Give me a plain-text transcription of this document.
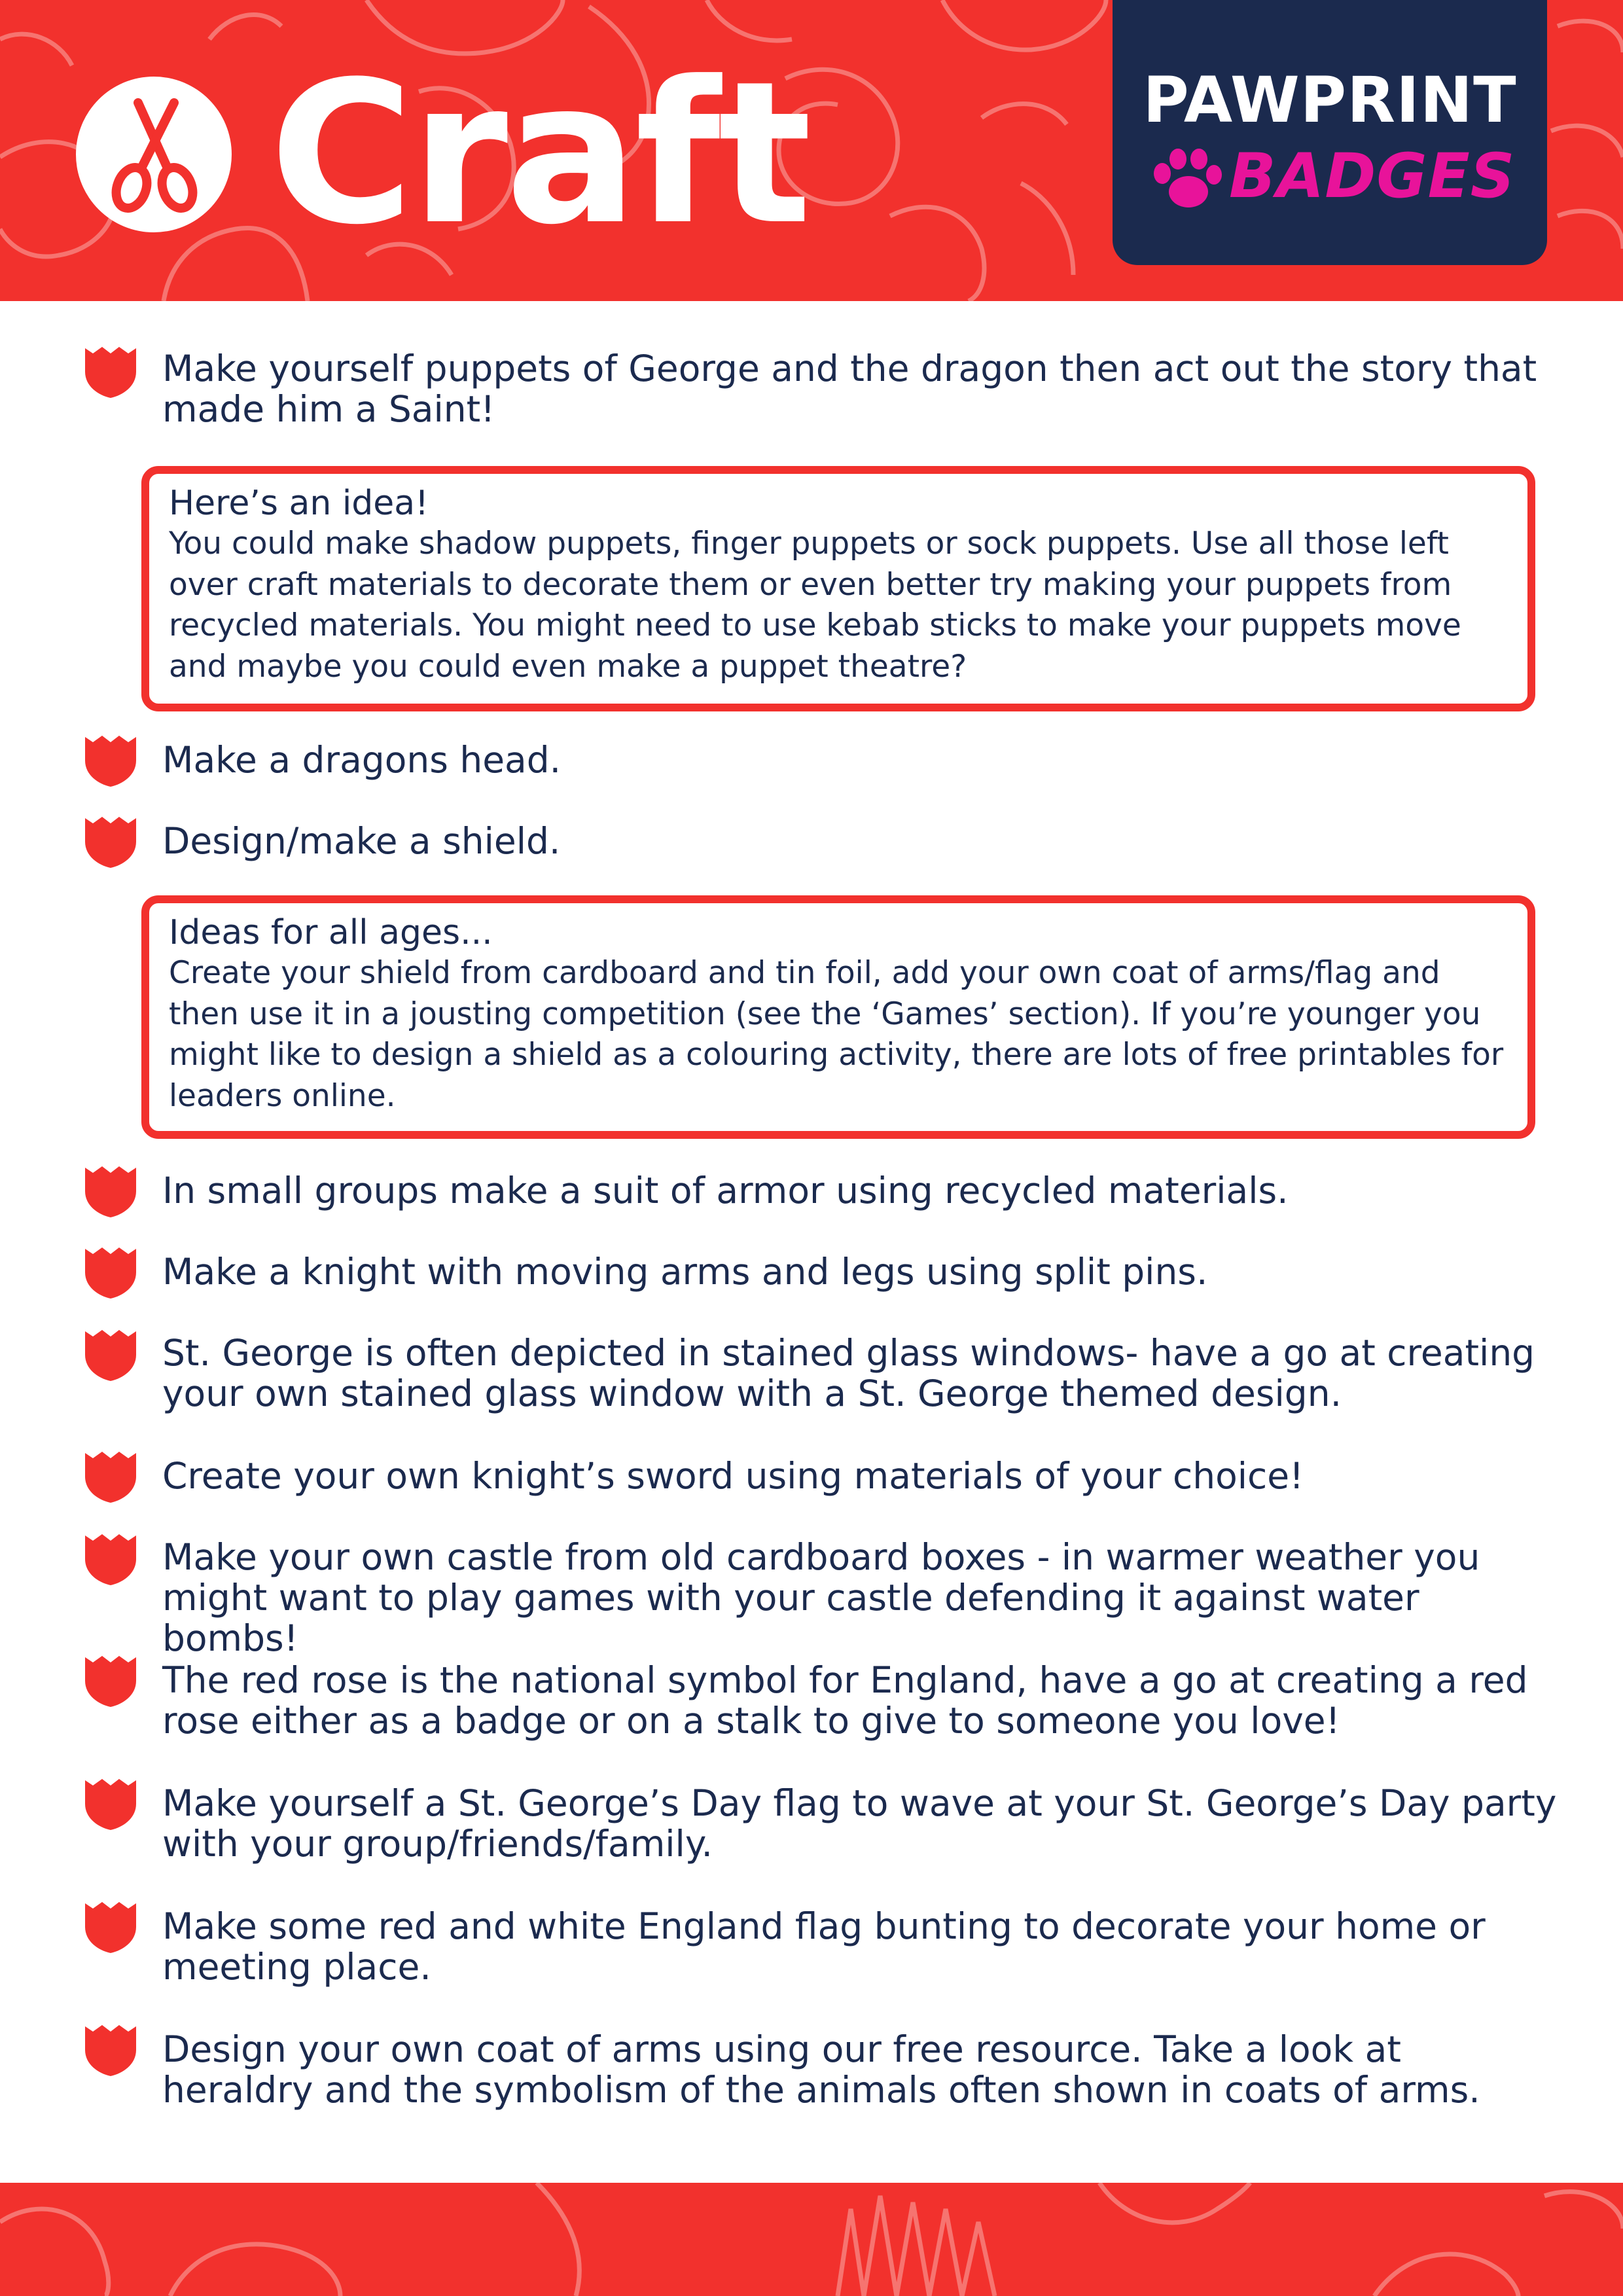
Craft	PAWPRINT
BADGES
Make yourself puppets of George and the dragon then act out the story that made him a Saint!
Here’s an idea!
You could make shadow puppets, finger puppets or sock puppets. Use all those left over craft materials to decorate them or even better try making your puppets from recycled materials. You might need to use kebab sticks to make your puppets move and maybe you could even make a puppet theatre?
Make a dragons head.
Design/make a shield.
Ideas for all ages...
Create your shield from cardboard and tin foil, add your own coat of arms/flag and then use it in a jousting competition (see the ‘Games’ section). If you’re younger you might like to design a shield as a colouring activity, there are lots of free printables for leaders online.
In small groups make a suit of armor using recycled materials.
Make a knight with moving arms and legs using split pins.
St. George is often depicted in stained glass windows- have a go at creating your own stained glass window with a St. George themed design.
Create your own knight’s sword using materials of your choice!
Make your own castle from old cardboard boxes - in warmer weather you might want to play games with your castle defending it against water bombs!
The red rose is the national symbol for England, have a go at creating a red rose either as a badge or on a stalk to give to someone you love!
Make yourself a St. George’s Day flag to wave at your St. George’s Day party with your group/friends/family.
Make some red and white England flag bunting to decorate your home or meeting place.
Design your own coat of arms using our free resource. Take a look at heraldry and the symbolism of the animals often shown in coats of arms.
